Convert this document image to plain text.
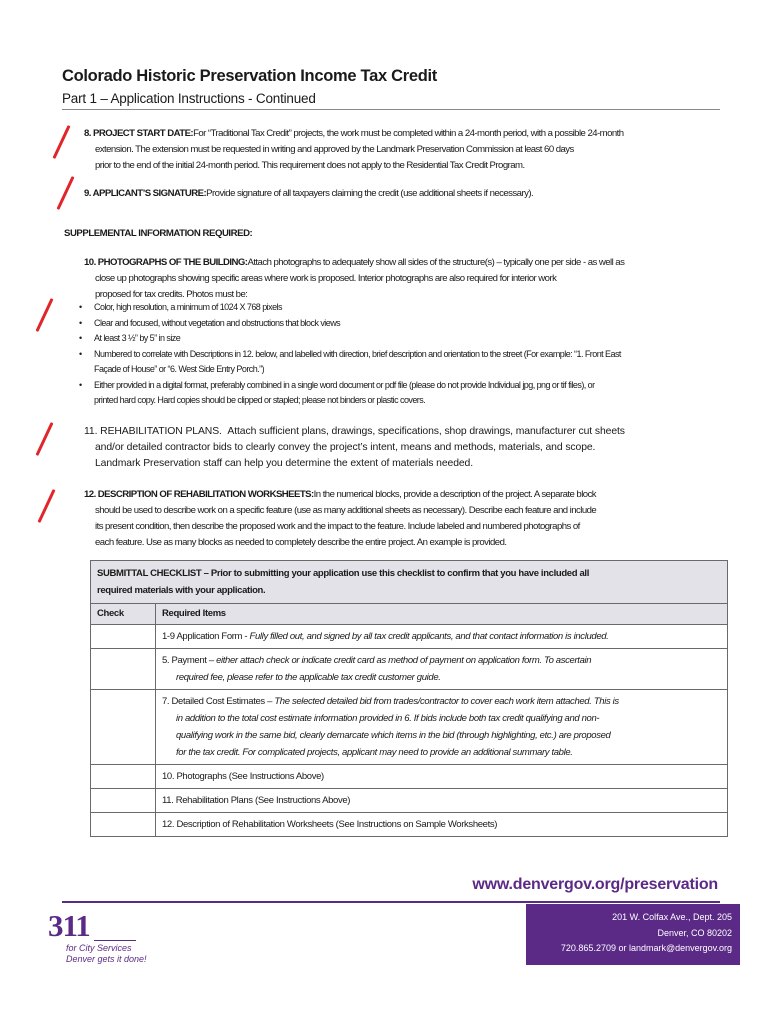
Colorado Historic Preservation Income Tax Credit
Part 1 – Application Instructions - Continued
8. PROJECT START DATE:For “Traditional Tax Credit” projects, the work must be completed within a 24-month period, with a possible 24-month
extension. The extension must be requested in writing and approved by the Landmark Preservation Commission at least 60 days
prior to the end of the initial 24-month period. This requirement does not apply to the Residential Tax Credit Program.
9. APPLICANT’S SIGNATURE:Provide signature of all taxpayers claiming the credit (use additional sheets if necessary).
SUPPLEMENTAL INFORMATION REQUIRED:
10. PHOTOGRAPHS OF THE BUILDING:Attach photographs to adequately show all sides of the structure(s) – typically one per side - as well as
close up photographs showing specific areas where work is proposed. Interior photographs are also required for interior work
proposed for tax credits. Photos must be:
• Color, high resolution, a minimum of 1024 X 768 pixels
• Clear and focused, without vegetation and obstructions that block views
• At least 3 ½” by 5” in size
• Numbered to correlate with Descriptions in 12. below, and labelled with direction, brief description and orientation to the street (For example: “1. Front East
Façade of House” or “6. West Side Entry Porch.”)
• Either provided in a digital format, preferably combined in a single word document or pdf file (please do not provide Individual jpg, png or tif files), or
printed hard copy. Hard copies should be clipped or stapled; please not binders or plastic covers.
11. REHABILITATION PLANS. Attach sufficient plans, drawings, specifications, shop drawings, manufacturer cut sheets
and/or detailed contractor bids to clearly convey the project’s intent, means and methods, materials, and scope.
Landmark Preservation staff can help you determine the extent of materials needed.
12. DESCRIPTION OF REHABILITATION WORKSHEETS:In the numerical blocks, provide a description of the project. A separate block
should be used to describe work on a specific feature (use as many additional sheets as necessary). Describe each feature and include
its present condition, then describe the proposed work and the impact to the feature. Include labeled and numbered photographs of
each feature. Use as many blocks as needed to completely describe the entire project. An example is provided.
SUBMITTAL CHECKLIST – Prior to submitting your application use this checklist to confirm that you have included all
required materials with your application.
Check	Required Items
1-9 Application Form - Fully filled out, and signed by all tax credit applicants, and that contact information is included.
5. Payment – either attach check or indicate credit card as method of payment on application form. To ascertain
required fee, please refer to the applicable tax credit customer guide.
7. Detailed Cost Estimates – The selected detailed bid from trades/contractor to cover each work item attached. This is
in addition to the total cost estimate information provided in 6. If bids include both tax credit qualifying and non-
qualifying work in the same bid, clearly demarcate which items in the bid (through highlighting, etc.) are proposed
for the tax credit. For complicated projects, applicant may need to provide an additional summary table.
10. Photographs (See Instructions Above)
11. Rehabilitation Plans (See Instructions Above)
12. Description of Rehabilitation Worksheets (See Instructions on Sample Worksheets)
www.denvergov.org/preservation
311
for City Services
Denver gets it done!
201 W. Colfax Ave., Dept. 205
Denver, CO 80202
720.865.2709 or landmark@denvergov.org
